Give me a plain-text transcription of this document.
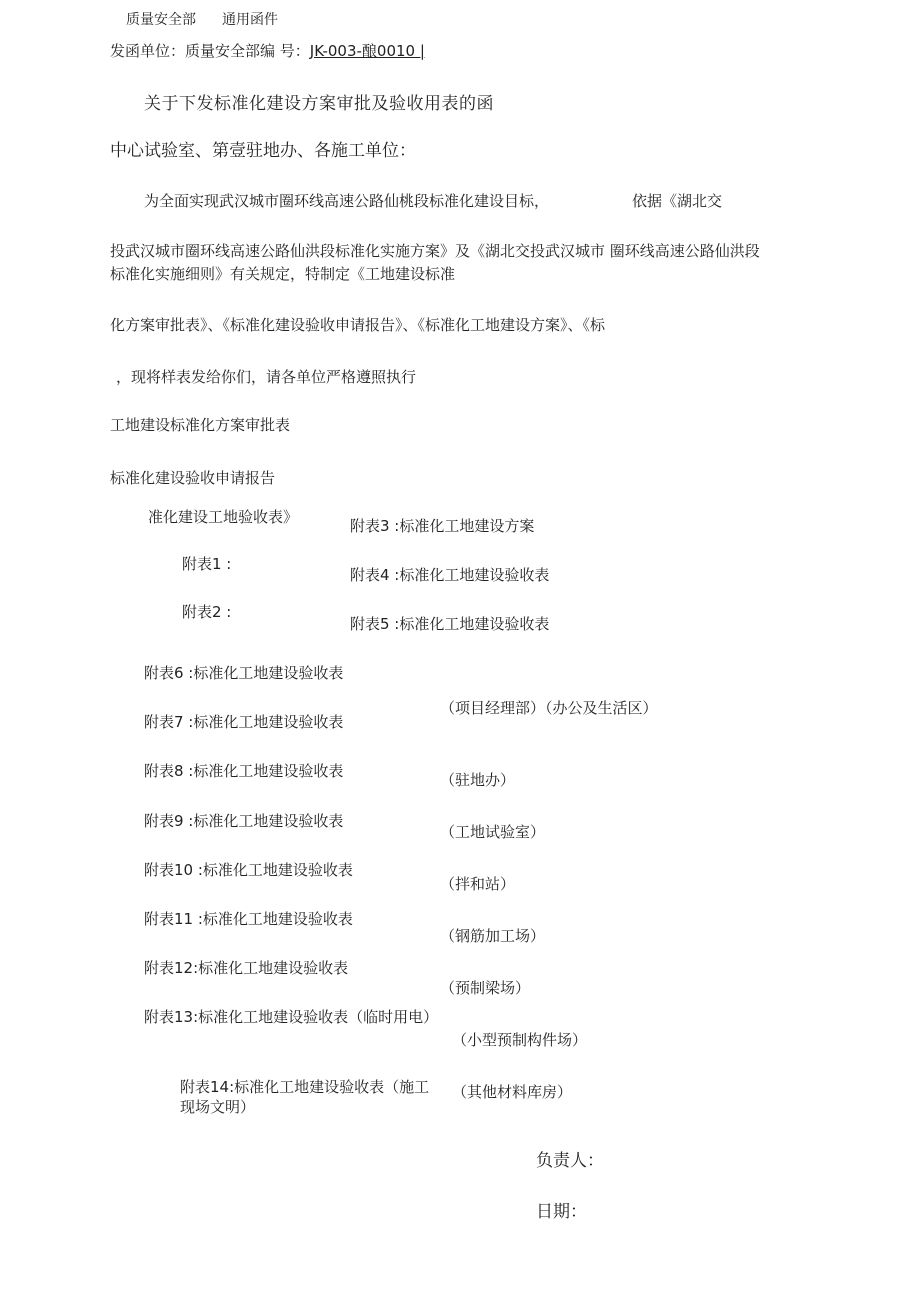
质量安全部 通用函件
发函单位：质量安全部编 号：JK-003-酿0010 |
关于下发标准化建设方案审批及验收用表的函
中心试验室、第壹驻地办、各施工单位：
为全面实现武汉城市圈环线高速公路仙桃段标准化建设目标，	依据《湖北交
投武汉城市圈环线高速公路仙洪段标准化实施方案》及《湖北交投武汉城市 圈环线高速公路仙洪段
标准化实施细则》有关规定，特制定《工地建设标准
化方案审批表》、《标准化建设验收申请报告》、《标准化工地建设方案》、《标
，现将样表发给你们，请各单位严格遵照执行
工地建设标准化方案审批表
标准化建设验收申请报告
准化建设工地验收表》	附表3 :标准化工地建设方案
附表1 :
附表4 :标准化工地建设验收表
附表2 :
附表5 :标准化工地建设验收表
附表6 :标准化工地建设验收表
附表7 :标准化工地建设验收表
附表8 :标准化工地建设验收表
附表9 :标准化工地建设验收表
附表10 :标准化工地建设验收表
附表11 :标准化工地建设验收表
附表12:标准化工地建设验收表
附表13:标准化工地建设验收表（临时用电）
附表14:标准化工地建设验收表（施工现场文明）
（项目经理部）（办公及生活区）
（驻地办）
（工地试验室）
（拌和站）
（钢筋加工场）
（预制梁场）
（小型预制构件场）
（其他材料库房）
负责人：
日期：
